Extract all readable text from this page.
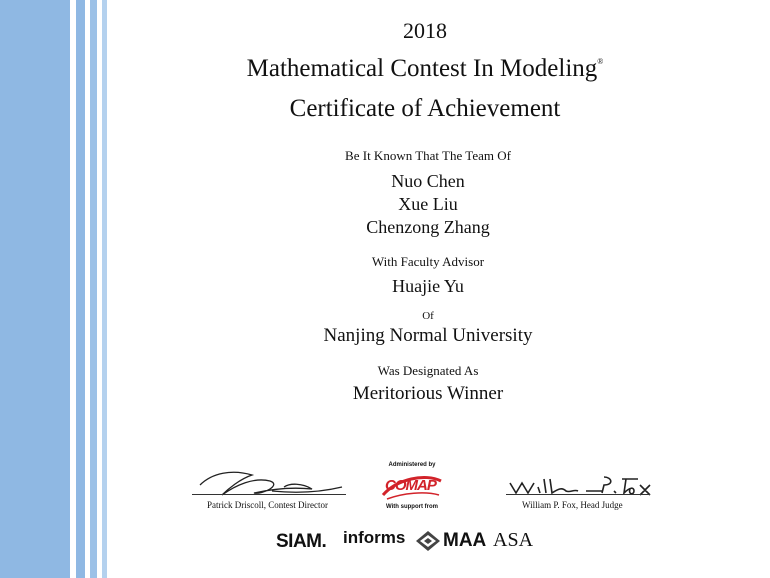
2018
Mathematical Contest In Modeling®
Certificate of Achievement
Be It Known That The Team Of
Nuo Chen
Xue Liu
Chenzong Zhang
With Faculty Advisor
Huajie Yu
Of
Nanjing Normal University
Was Designated As
Meritorious Winner
Patrick Driscoll, Contest Director	William P. Fox, Head Judge
Administered by
COMAP
With support from
SIAM. informs MAA ASA
